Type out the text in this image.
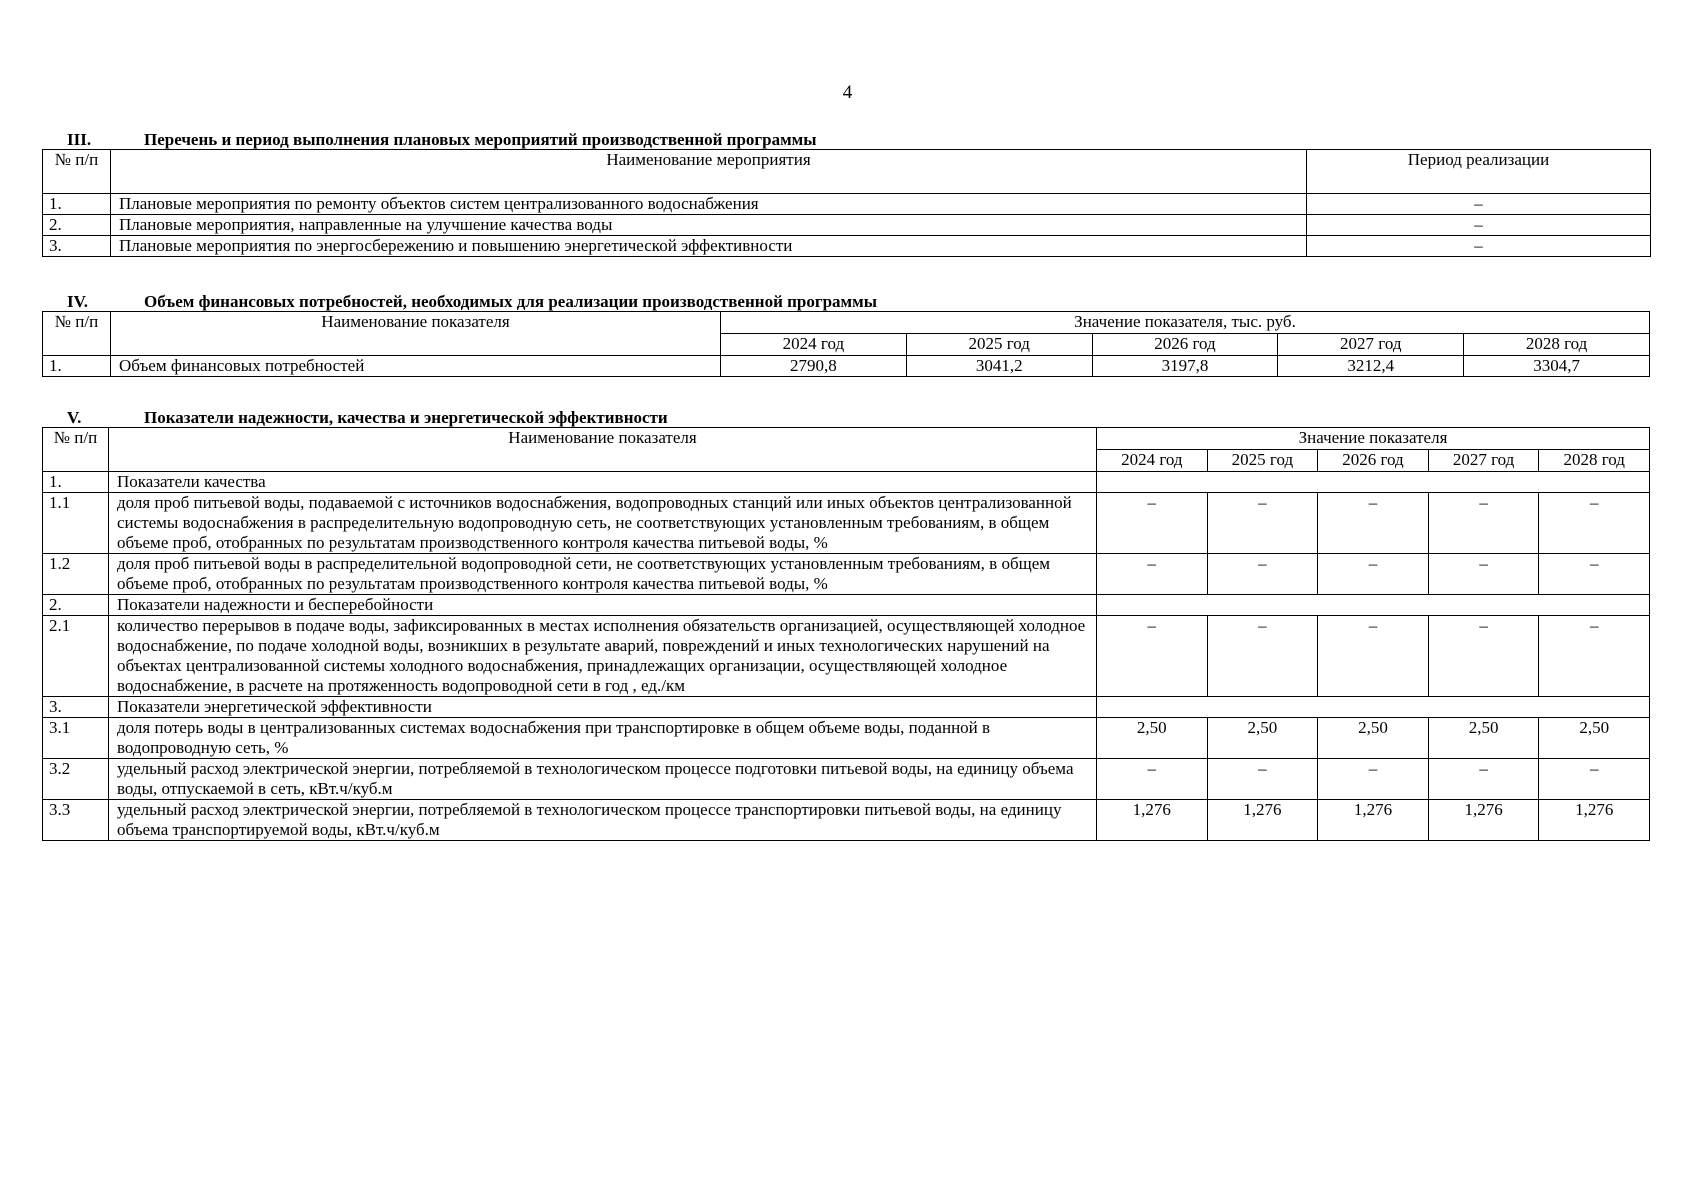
4
III.	Перечень и период выполнения плановых мероприятий производственной программы
№ п/п	Наименование мероприятия	Период реализации
1.	Плановые мероприятия по ремонту объектов систем централизованного водоснабжения	–
2.	Плановые мероприятия, направленные на улучшение качества воды	–
3.	Плановые мероприятия по энергосбережению и повышению энергетической эффективности	–
IV.	Объем финансовых потребностей, необходимых для реализации производственной программы
№ п/п	Наименование показателя	Значение показателя, тыс. руб.				
		2024 год	2025 год	2026 год	2027 год	2028 год
1.	Объем финансовых потребностей	2790,8	3041,2	3197,8	3212,4	3304,7
V.	Показатели надежности, качества и энергетической эффективности
№ п/п	Наименование показателя	Значение показателя				
		2024 год	2025 год	2026 год	2027 год	2028 год
1.	Показатели качества					
1.1	доля проб питьевой воды, подаваемой с источников водоснабжения, водопроводных станций или иных объектов централизованной системы водоснабжения в распределительную водопроводную сеть, не соответствующих установленным требованиям, в общем объеме проб, отобранных по результатам производственного контроля качества питьевой воды, %	–	–	–	–	–
1.2	доля проб питьевой воды в распределительной водопроводной сети, не соответствующих установленным требованиям, в общем объеме проб, отобранных по результатам производственного контроля качества питьевой воды, %	–	–	–	–	–
2.	Показатели надежности и бесперебойности					
2.1	количество перерывов в подаче воды, зафиксированных в местах исполнения обязательств организацией, осуществляющей холодное водоснабжение, по подаче холодной воды, возникших в результате аварий, повреждений и иных технологических нарушений на объектах централизованной системы холодного водоснабжения, принадлежащих организации, осуществляющей холодное водоснабжение, в расчете на протяженность водопроводной сети в год , ед./км	–	–	–	–	–
3.	Показатели энергетической эффективности					
3.1	доля потерь воды в централизованных системах водоснабжения при транспортировке в общем объеме воды, поданной в водопроводную сеть, %	2,50	2,50	2,50	2,50	2,50
3.2	удельный расход электрической энергии, потребляемой в технологическом процессе подготовки питьевой воды, на единицу объема воды, отпускаемой в сеть, кВт.ч/куб.м	–	–	–	–	–
3.3	удельный расход электрической энергии, потребляемой в технологическом процессе транспортировки питьевой воды, на единицу объема транспортируемой воды, кВт.ч/куб.м	1,276	1,276	1,276	1,276	1,276
